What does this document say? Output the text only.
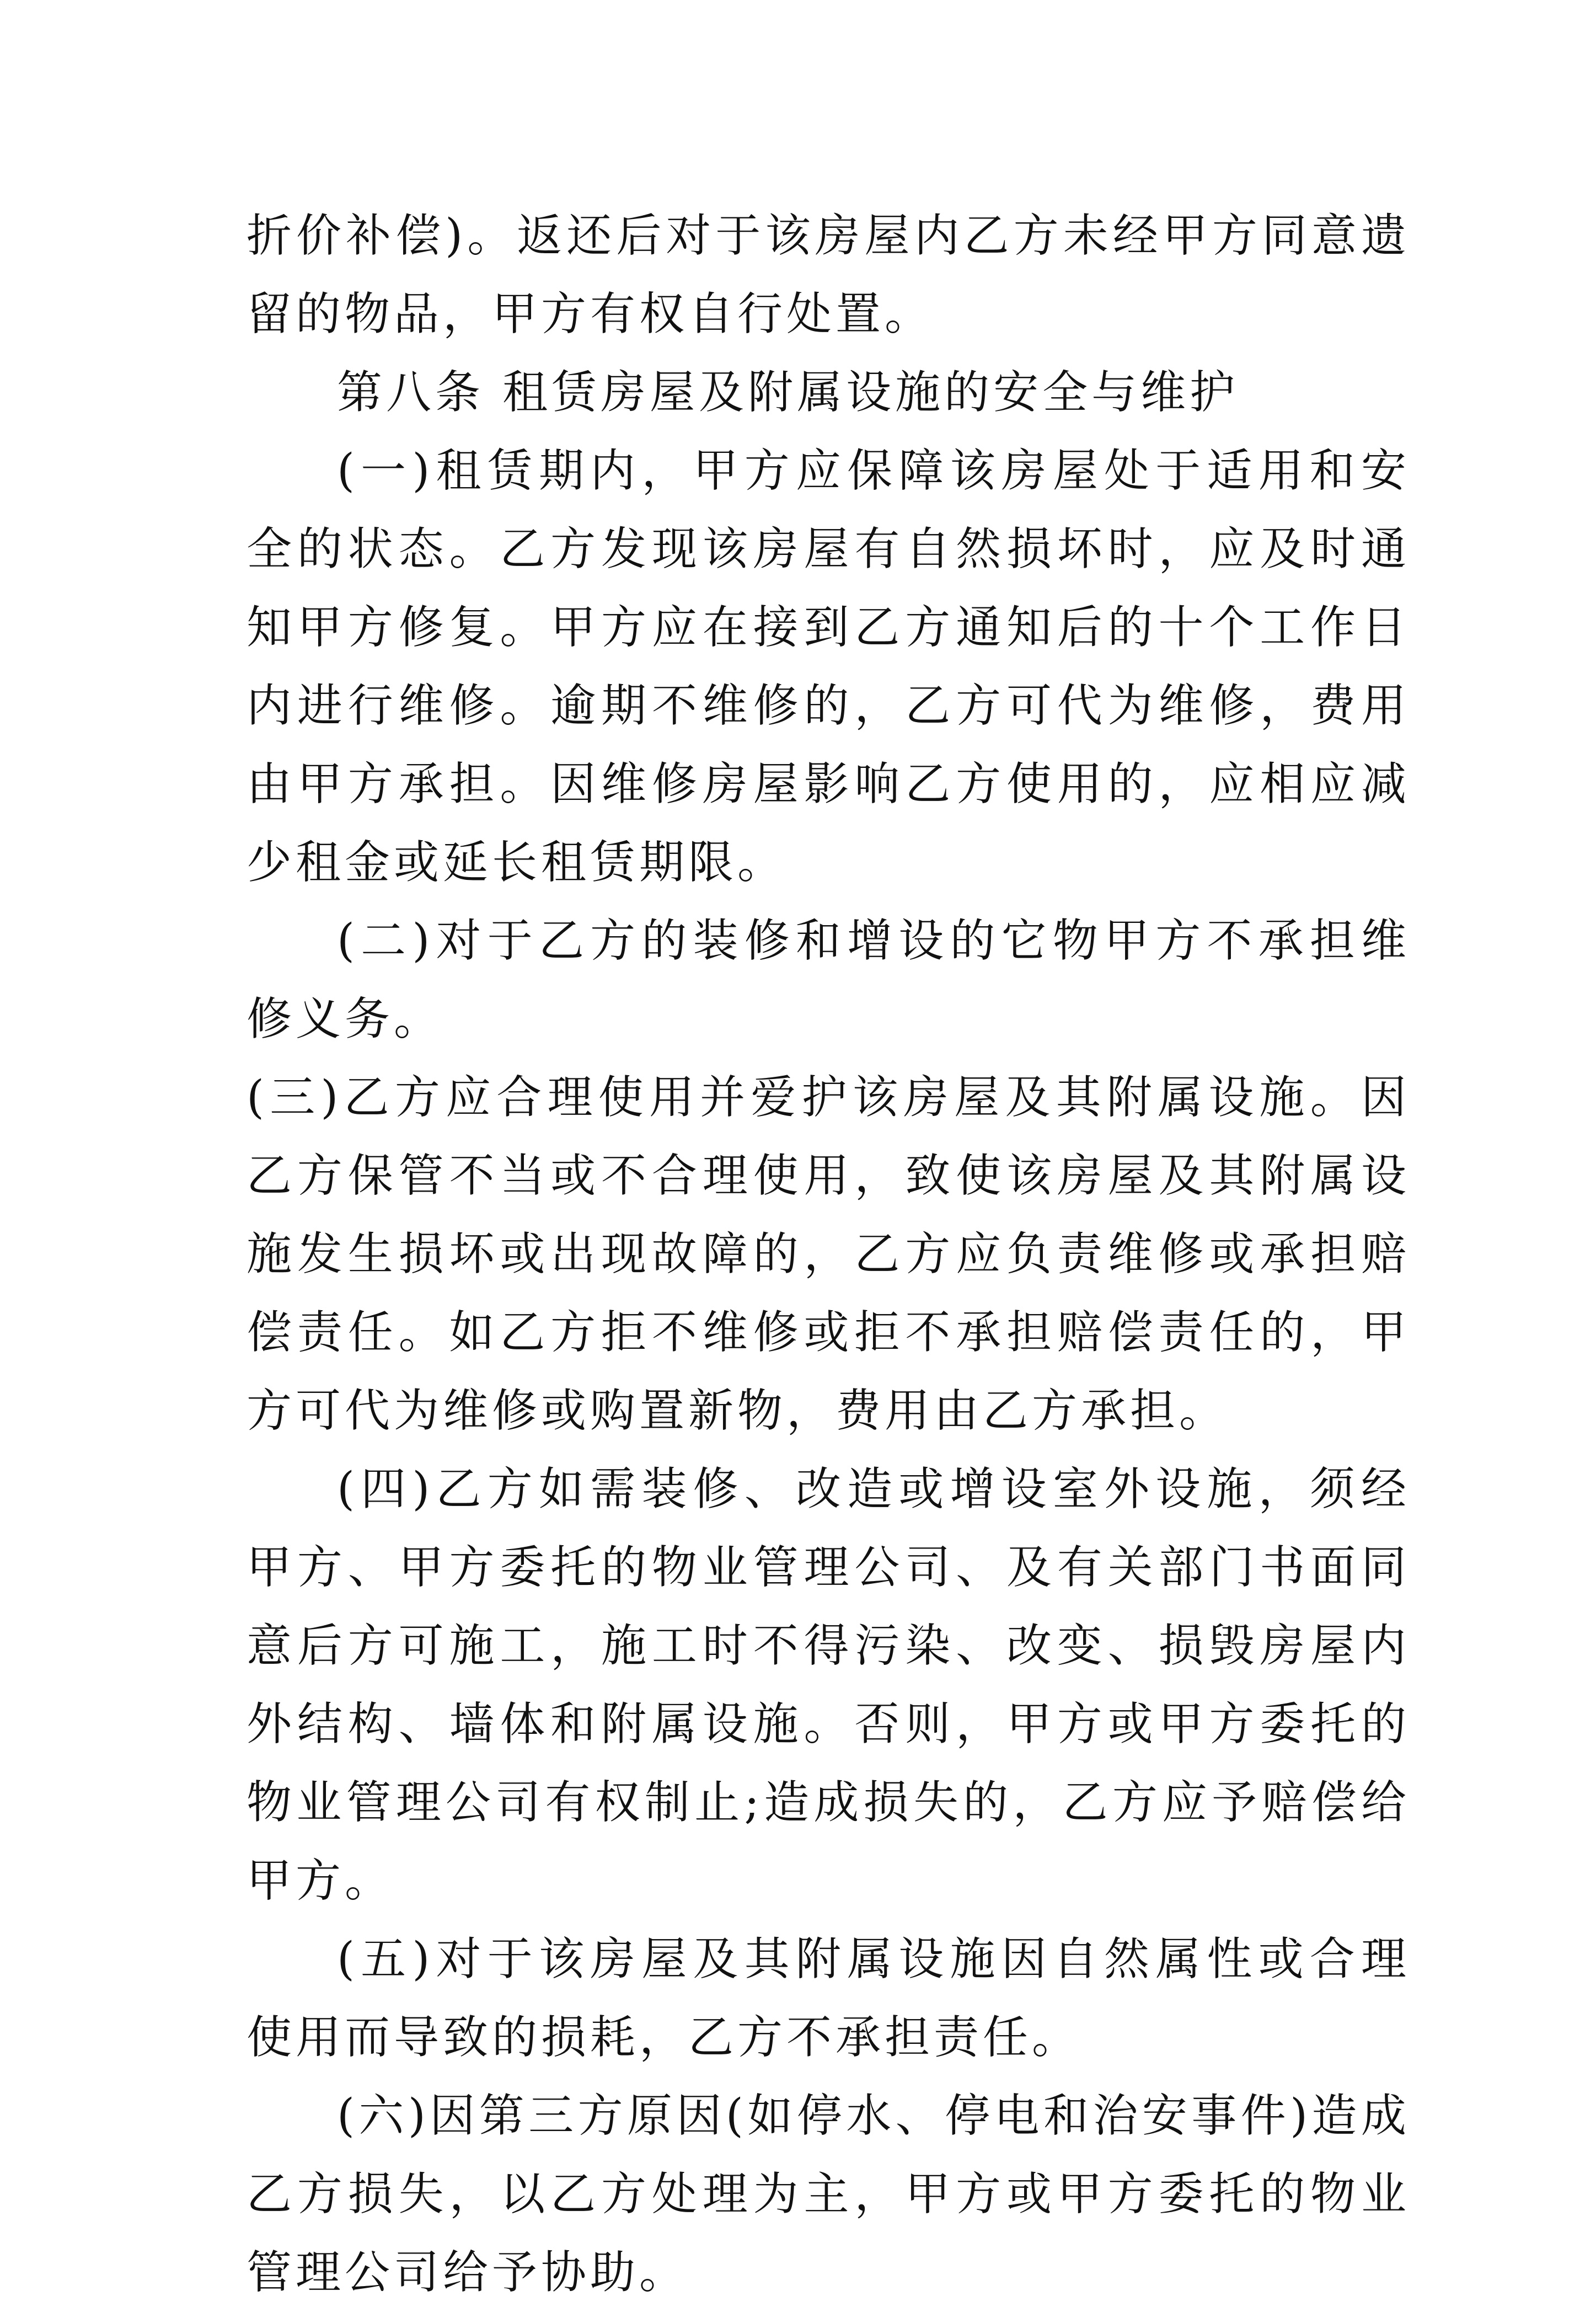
折价补偿)。返还后对于该房屋内乙方未经甲方同意遗留的物品，甲方有权自行处置。

第八条 租赁房屋及附属设施的安全与维护

(一)租赁期内，甲方应保障该房屋处于适用和安全的状态。乙方发现该房屋有自然损坏时，应及时通知甲方修复。甲方应在接到乙方通知后的十个工作日内进行维修。逾期不维修的，乙方可代为维修，费用由甲方承担。因维修房屋影响乙方使用的，应相应减少租金或延长租赁期限。

(二)对于乙方的装修和增设的它物甲方不承担维修义务。

(三)乙方应合理使用并爱护该房屋及其附属设施。因乙方保管不当或不合理使用，致使该房屋及其附属设施发生损坏或出现故障的，乙方应负责维修或承担赔偿责任。如乙方拒不维修或拒不承担赔偿责任的，甲方可代为维修或购置新物，费用由乙方承担。

(四)乙方如需装修、改造或增设室外设施，须经甲方、甲方委托的物业管理公司、及有关部门书面同意后方可施工，施工时不得污染、改变、损毁房屋内外结构、墙体和附属设施。否则，甲方或甲方委托的物业管理公司有权制止;造成损失的，乙方应予赔偿给甲方。

(五)对于该房屋及其附属设施因自然属性或合理使用而导致的损耗，乙方不承担责任。

(六)因第三方原因(如停水、停电和治安事件)造成乙方损失，以乙方处理为主，甲方或甲方委托的物业管理公司给予协助。
